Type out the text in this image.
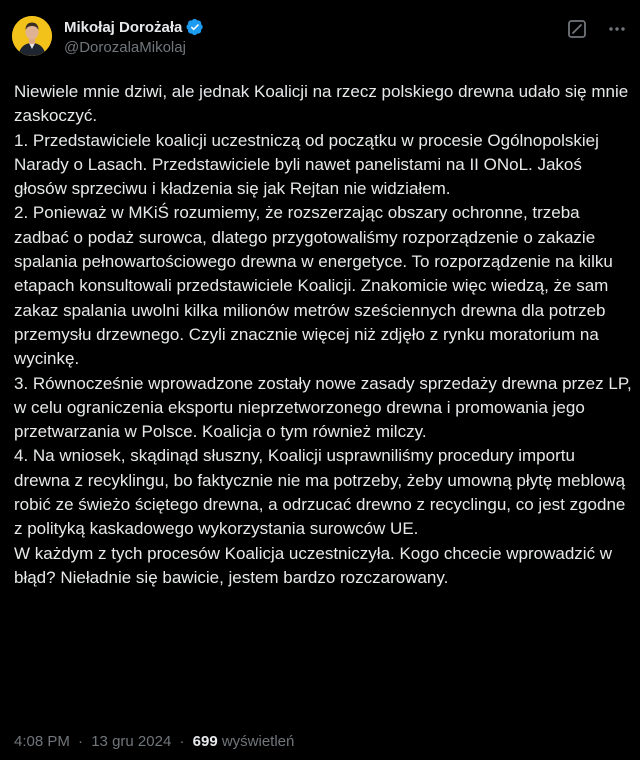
Mikołaj Dorożała
@DorozalaMikolaj
Niewiele mnie dziwi, ale jednak Koalicji na rzecz polskiego drewna udało się mnie zaskoczyć.
1. Przedstawiciele koalicji uczestniczą od początku w procesie Ogólnopolskiej Narady o Lasach. Przedstawiciele byli nawet panelistami na II ONoL. Jakoś głosów sprzeciwu i kładzenia się jak Rejtan nie widziałem.
2. Ponieważ w MKiŚ rozumiemy, że rozszerzając obszary ochronne, trzeba zadbać o podaż surowca, dlatego przygotowaliśmy rozporządzenie o zakazie spalania pełnowartościowego drewna w energetyce. To rozporządzenie na kilku etapach konsultowali przedstawiciele Koalicji. Znakomicie więc wiedzą, że sam zakaz spalania uwolni kilka milionów metrów sześciennych drewna dla potrzeb przemysłu drzewnego. Czyli znacznie więcej niż zdjęło z rynku moratorium na wycinkę.
3. Równocześnie wprowadzone zostały nowe zasady sprzedaży drewna przez LP, w celu ograniczenia eksportu nieprzetworzonego drewna i promowania jego przetwarzania w Polsce. Koalicja o tym również milczy.
4. Na wniosek, skądinąd słuszny, Koalicji usprawniliśmy procedury importu drewna z recyklingu, bo faktycznie nie ma potrzeby, żeby umowną płytę meblową robić ze świeżo ściętego drewna, a odrzucać drewno z recyclingu, co jest zgodne z polityką kaskadowego wykorzystania surowców UE.
W każdym z tych procesów Koalicja uczestniczyła. Kogo chcecie wprowadzić w błąd? Nieładnie się bawicie, jestem bardzo rozczarowany.
4:08 PM · 13 gru 2024 · 699 wyświetleń
